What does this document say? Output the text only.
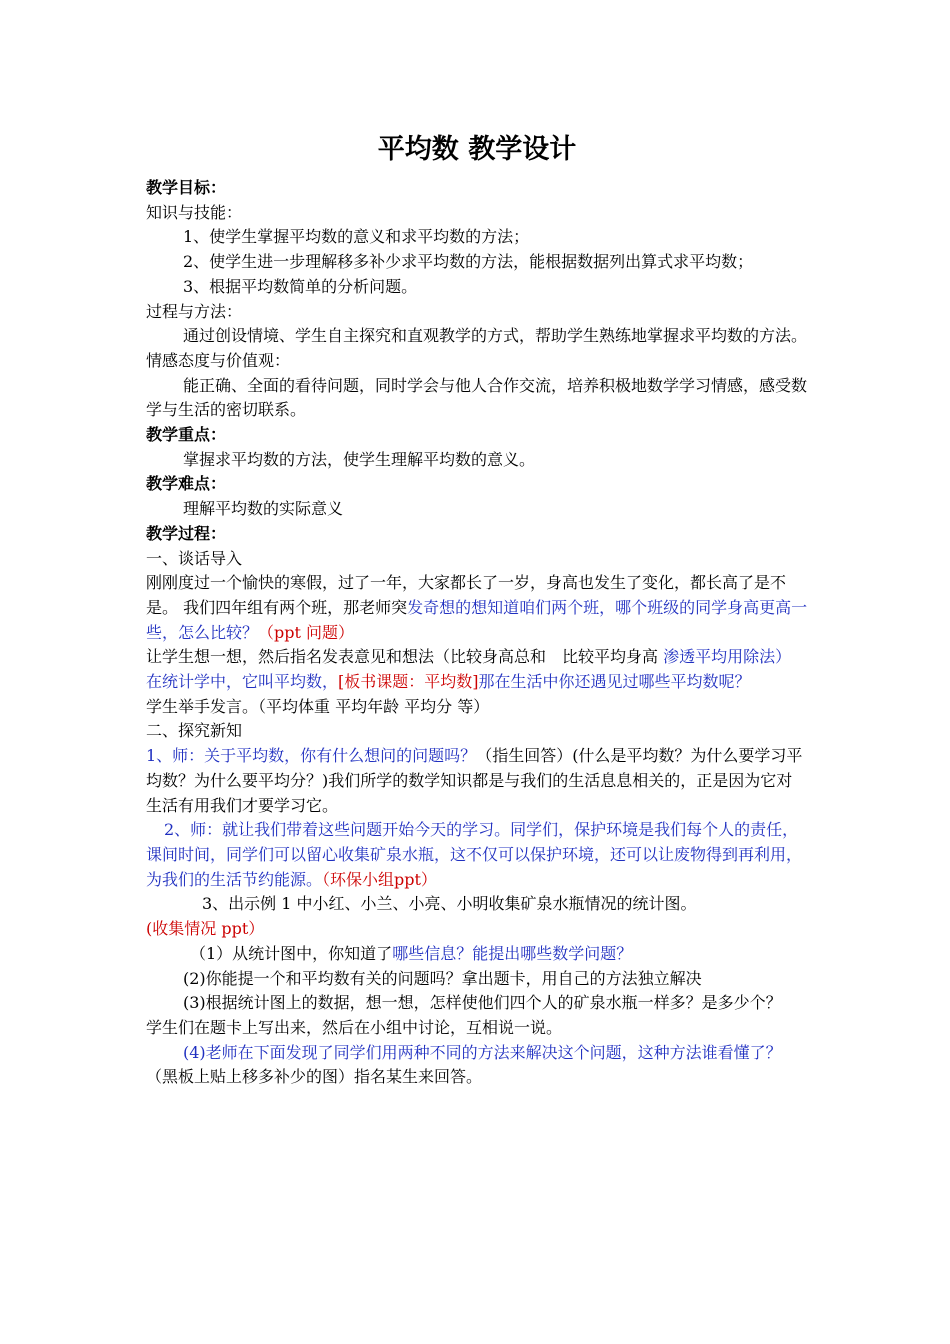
平均数 教学设计
教学目标：
知识与技能：
1、使学生掌握平均数的意义和求平均数的方法；
2、使学生进一步理解移多补少求平均数的方法，能根据数据列出算式求平均数；
3、根据平均数简单的分析问题。
过程与方法：
通过创设情境、学生自主探究和直观教学的方式，帮助学生熟练地掌握求平均数的方法。
情感态度与价值观：
能正确、全面的看待问题，同时学会与他人合作交流，培养积极地数学学习情感，感受数学与生活的密切联系。
教学重点：
掌握求平均数的方法，使学生理解平均数的意义。
教学难点：
理解平均数的实际意义
教学过程：
一、谈话导入
刚刚度过一个愉快的寒假，过了一年，大家都长了一岁，身高也发生了变化，都长高了是不是。 我们四年组有两个班，那老师突发奇想的想知道咱们两个班，哪个班级的同学身高更高一些，怎么比较？（ppt 问题）
让学生想一想，然后指名发表意见和想法（比较身高总和　比较平均身高 渗透平均用除法）
在统计学中，它叫平均数，[板书课题：平均数]那在生活中你还遇见过哪些平均数呢？
学生举手发言。（平均体重 平均年龄 平均分 等）
二、探究新知
1、师：关于平均数，你有什么想问的问题吗？（指生回答）(什么是平均数？为什么要学习平均数？为什么要平均分？)我们所学的数学知识都是与我们的生活息息相关的，正是因为它对生活有用我们才要学习它。
2、师：就让我们带着这些问题开始今天的学习。同学们，保护环境是我们每个人的责任，课间时间，同学们可以留心收集矿泉水瓶，这不仅可以保护环境，还可以让废物得到再利用，为我们的生活节约能源。（环保小组ppt）
3、出示例 1 中小红、小兰、小亮、小明收集矿泉水瓶情况的统计图。(收集情况 ppt）
（1）从统计图中，你知道了哪些信息？能提出哪些数学问题？
(2)你能提一个和平均数有关的问题吗？拿出题卡，用自己的方法独立解决
(3)根据统计图上的数据，想一想，怎样使他们四个人的矿泉水瓶一样多？是多少个？　　　学生们在题卡上写出来，然后在小组中讨论，互相说一说。
(4)老师在下面发现了同学们用两种不同的方法来解决这个问题，这种方法谁看懂了？（黑板上贴上移多补少的图）指名某生来回答。
